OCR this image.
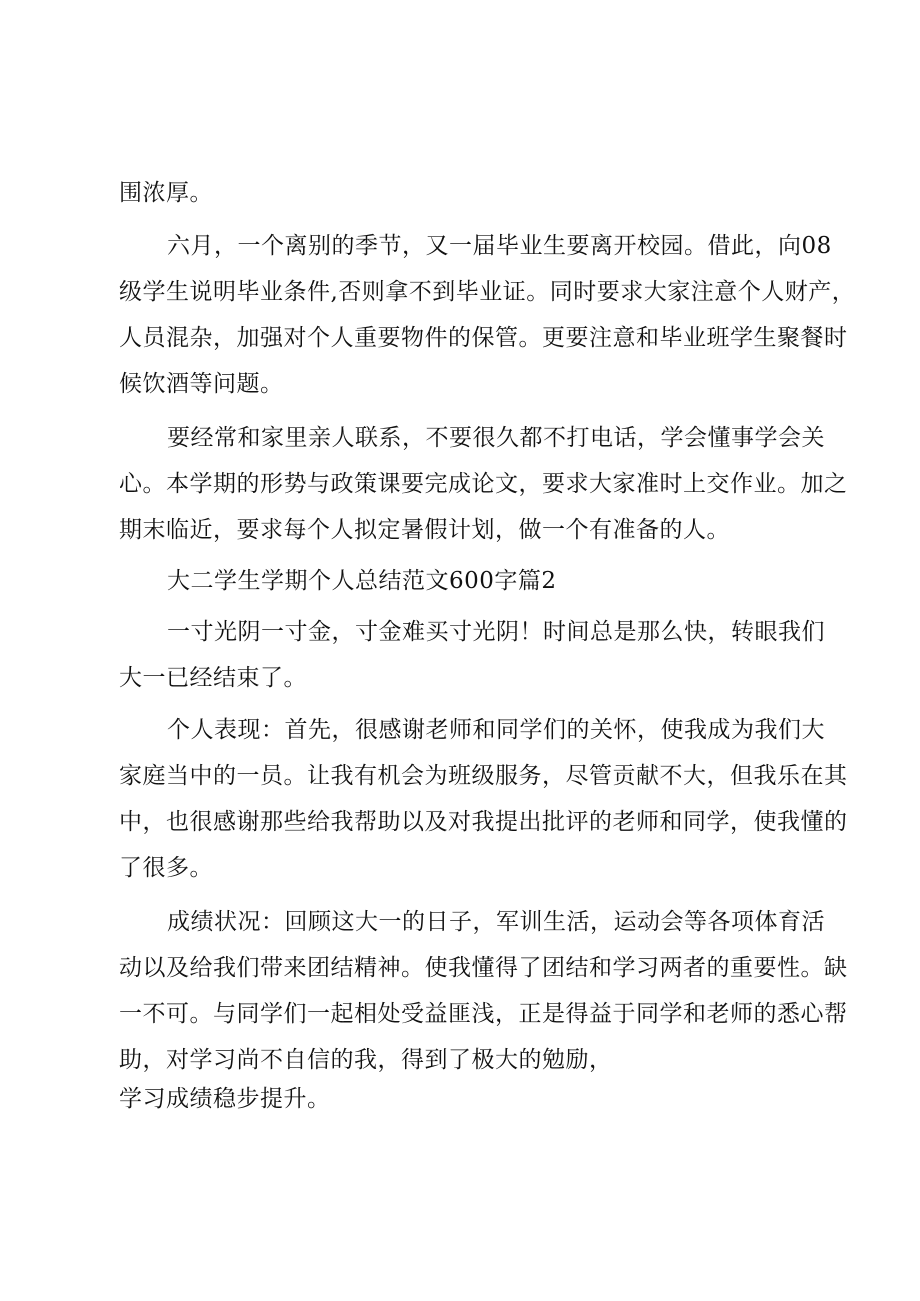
围浓厚。
六月，一个离别的季节，又一届毕业生要离开校园。借此，向08
级学生说明毕业条件,否则拿不到毕业证。同时要求大家注意个人财产，
人员混杂，加强对个人重要物件的保管。更要注意和毕业班学生聚餐时
候饮酒等问题。
要经常和家里亲人联系，不要很久都不打电话，学会懂事学会关
心。本学期的形势与政策课要完成论文，要求大家准时上交作业。加之
期末临近，要求每个人拟定暑假计划，做一个有准备的人。
大二学生学期个人总结范文600字篇2
一寸光阴一寸金，寸金难买寸光阴！时间总是那么快，转眼我们
大一已经结束了。
个人表现：首先，很感谢老师和同学们的关怀，使我成为我们大
家庭当中的一员。让我有机会为班级服务，尽管贡献不大，但我乐在其
中，也很感谢那些给我帮助以及对我提出批评的老师和同学，使我懂的
了很多。
成绩状况：回顾这大一的日子，军训生活，运动会等各项体育活
动以及给我们带来团结精神。使我懂得了团结和学习两者的重要性。缺
一不可。与同学们一起相处受益匪浅，正是得益于同学和老师的悉心帮
助，对学习尚不自信的我，得到了极大的勉励，
学习成绩稳步提升。
